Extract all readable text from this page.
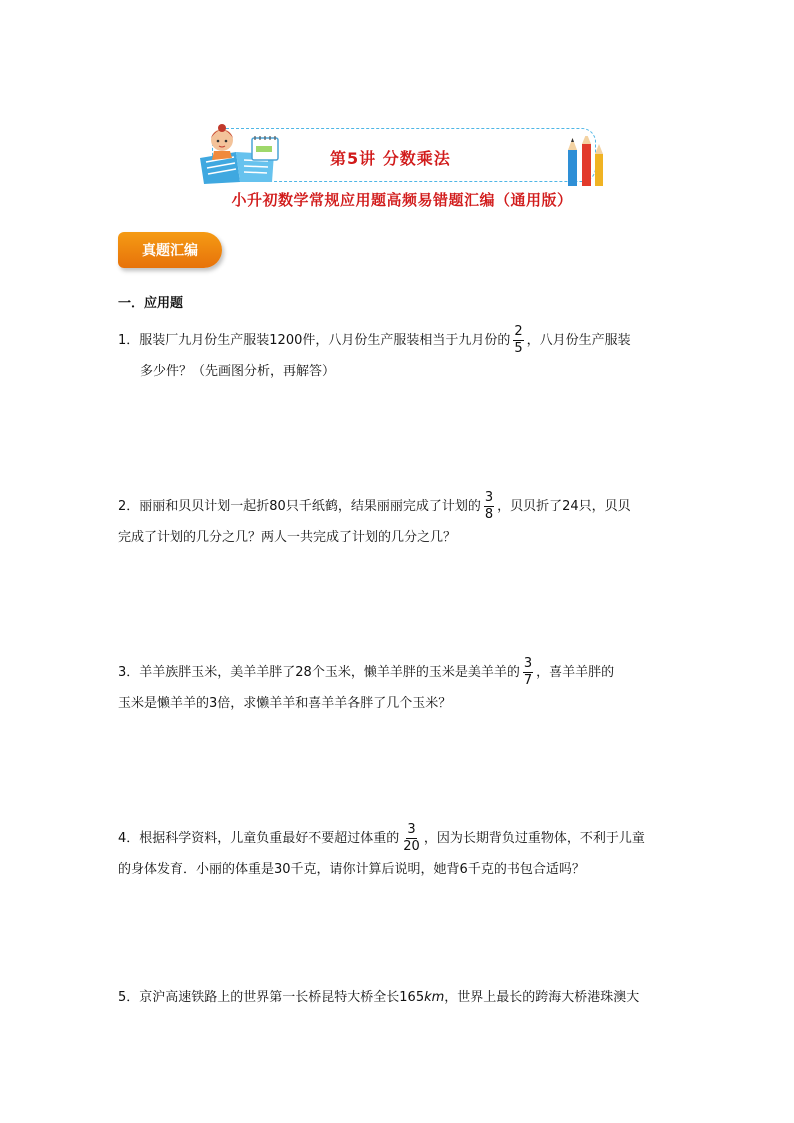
第5讲 分数乘法
小升初数学常规应用题高频易错题汇编（通用版）
真题汇编
一．应用题
1．服装厂九月份生产服装1200件，八月份生产服装相当于九月份的 $\frac{2}{5}$ ，八月份生产服装
多少件？（先画图分析，再解答）
2．丽丽和贝贝计划一起折80只千纸鹤，结果丽丽完成了计划的 $\frac{3}{8}$ ，贝贝折了24只，贝贝
完成了计划的几分之几？两人一共完成了计划的几分之几？
3．羊羊族胖玉米，美羊羊胖了28个玉米，懒羊羊胖的玉米是美羊羊的 $\frac{3}{7}$ ，喜羊羊胖的
玉米是懒羊羊的3倍，求懒羊羊和喜羊羊各胖了几个玉米？
4．根据科学资料，儿童负重最好不要超过体重的 $\frac{3}{20}$ ，因为长期背负过重物体，不利于儿童
的身体发育．小丽的体重是30千克，请你计算后说明，她背6千克的书包合适吗？
5．京沪高速铁路上的世界第一长桥昆特大桥全长165km，世界上最长的跨海大桥港珠澳大
